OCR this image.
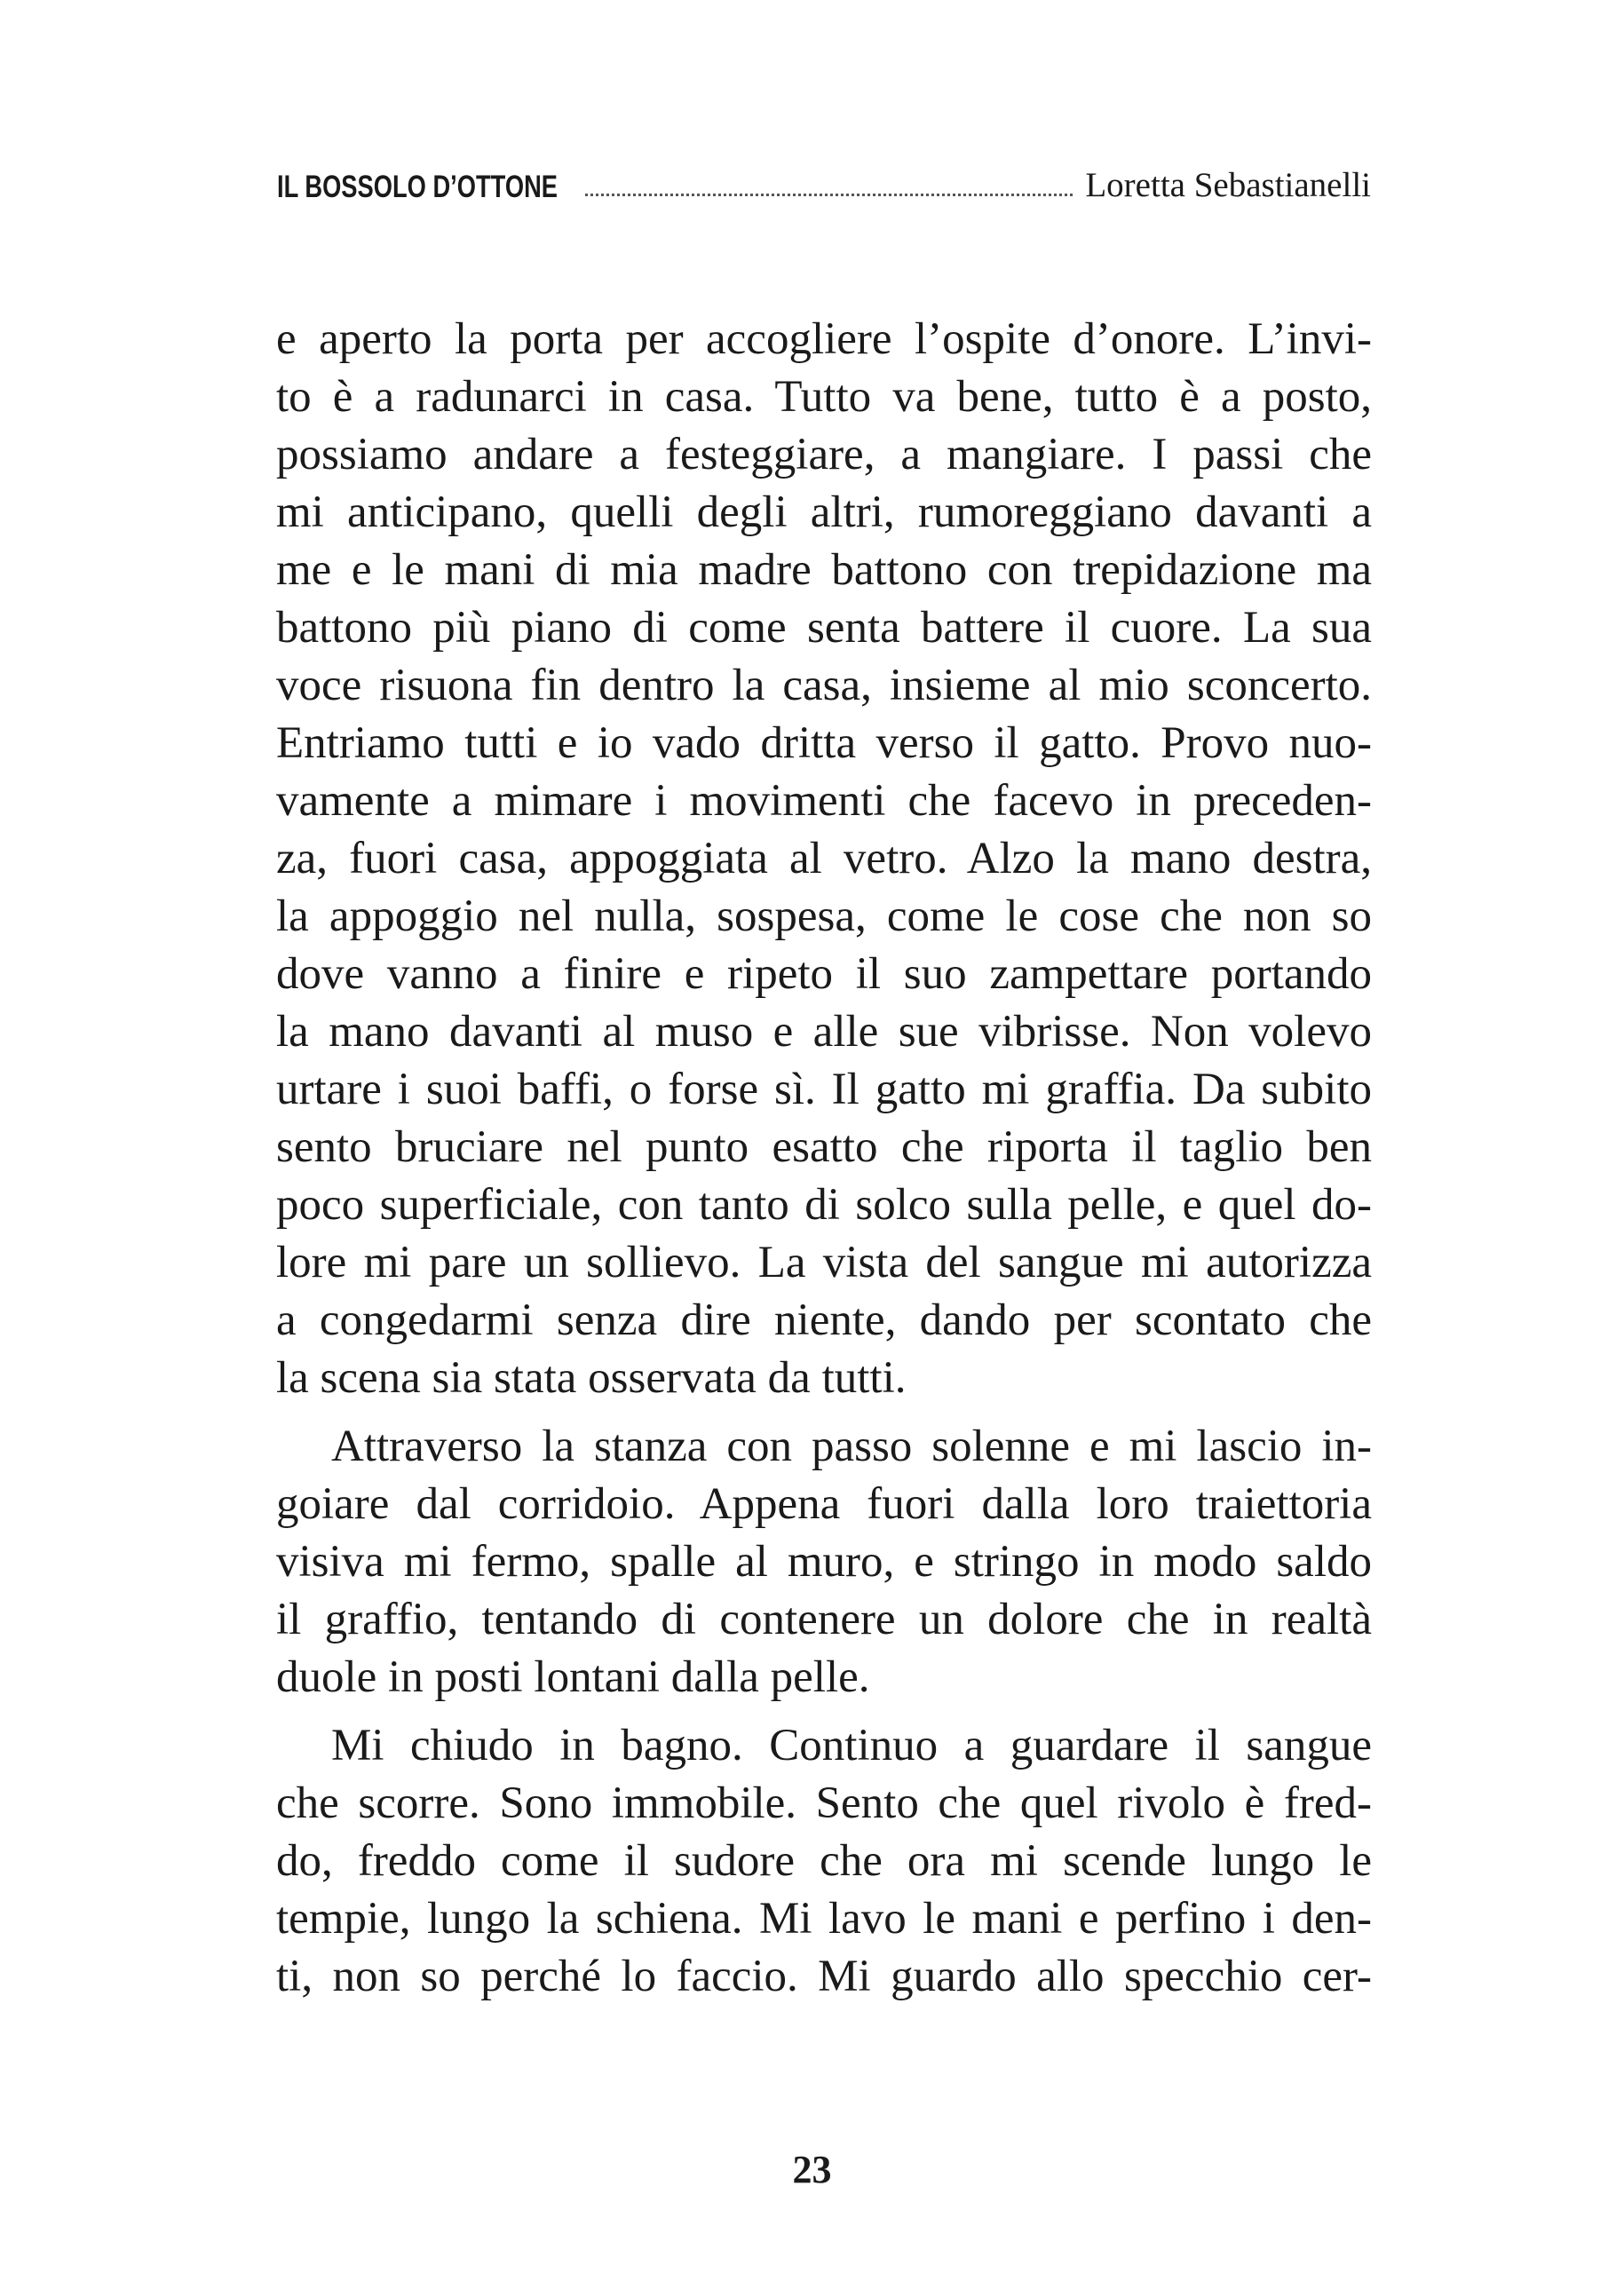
IL BOSSOLO D’OTTONE	Loretta Sebastianelli
e aperto la porta per accogliere l’ospite d’onore. L’invi-
to è a radunarci in casa. Tutto va bene, tutto è a posto,
possiamo andare a festeggiare, a mangiare. I passi che
mi anticipano, quelli degli altri, rumoreggiano davanti a
me e le mani di mia madre battono con trepidazione ma
battono più piano di come senta battere il cuore. La sua
voce risuona fin dentro la casa, insieme al mio sconcerto.
Entriamo tutti e io vado dritta verso il gatto. Provo nuo-
vamente a mimare i movimenti che facevo in preceden-
za, fuori casa, appoggiata al vetro. Alzo la mano destra,
la appoggio nel nulla, sospesa, come le cose che non so
dove vanno a finire e ripeto il suo zampettare portando
la mano davanti al muso e alle sue vibrisse. Non volevo
urtare i suoi baffi, o forse sì. Il gatto mi graffia. Da subito
sento bruciare nel punto esatto che riporta il taglio ben
poco superficiale, con tanto di solco sulla pelle, e quel do-
lore mi pare un sollievo. La vista del sangue mi autorizza
a congedarmi senza dire niente, dando per scontato che
la scena sia stata osservata da tutti.
Attraverso la stanza con passo solenne e mi lascio in-
goiare dal corridoio. Appena fuori dalla loro traiettoria
visiva mi fermo, spalle al muro, e stringo in modo saldo
il graffio, tentando di contenere un dolore che in realtà
duole in posti lontani dalla pelle.
Mi chiudo in bagno. Continuo a guardare il sangue
che scorre. Sono immobile. Sento che quel rivolo è fred-
do, freddo come il sudore che ora mi scende lungo le
tempie, lungo la schiena. Mi lavo le mani e perfino i den-
ti, non so perché lo faccio. Mi guardo allo specchio cer-
23
